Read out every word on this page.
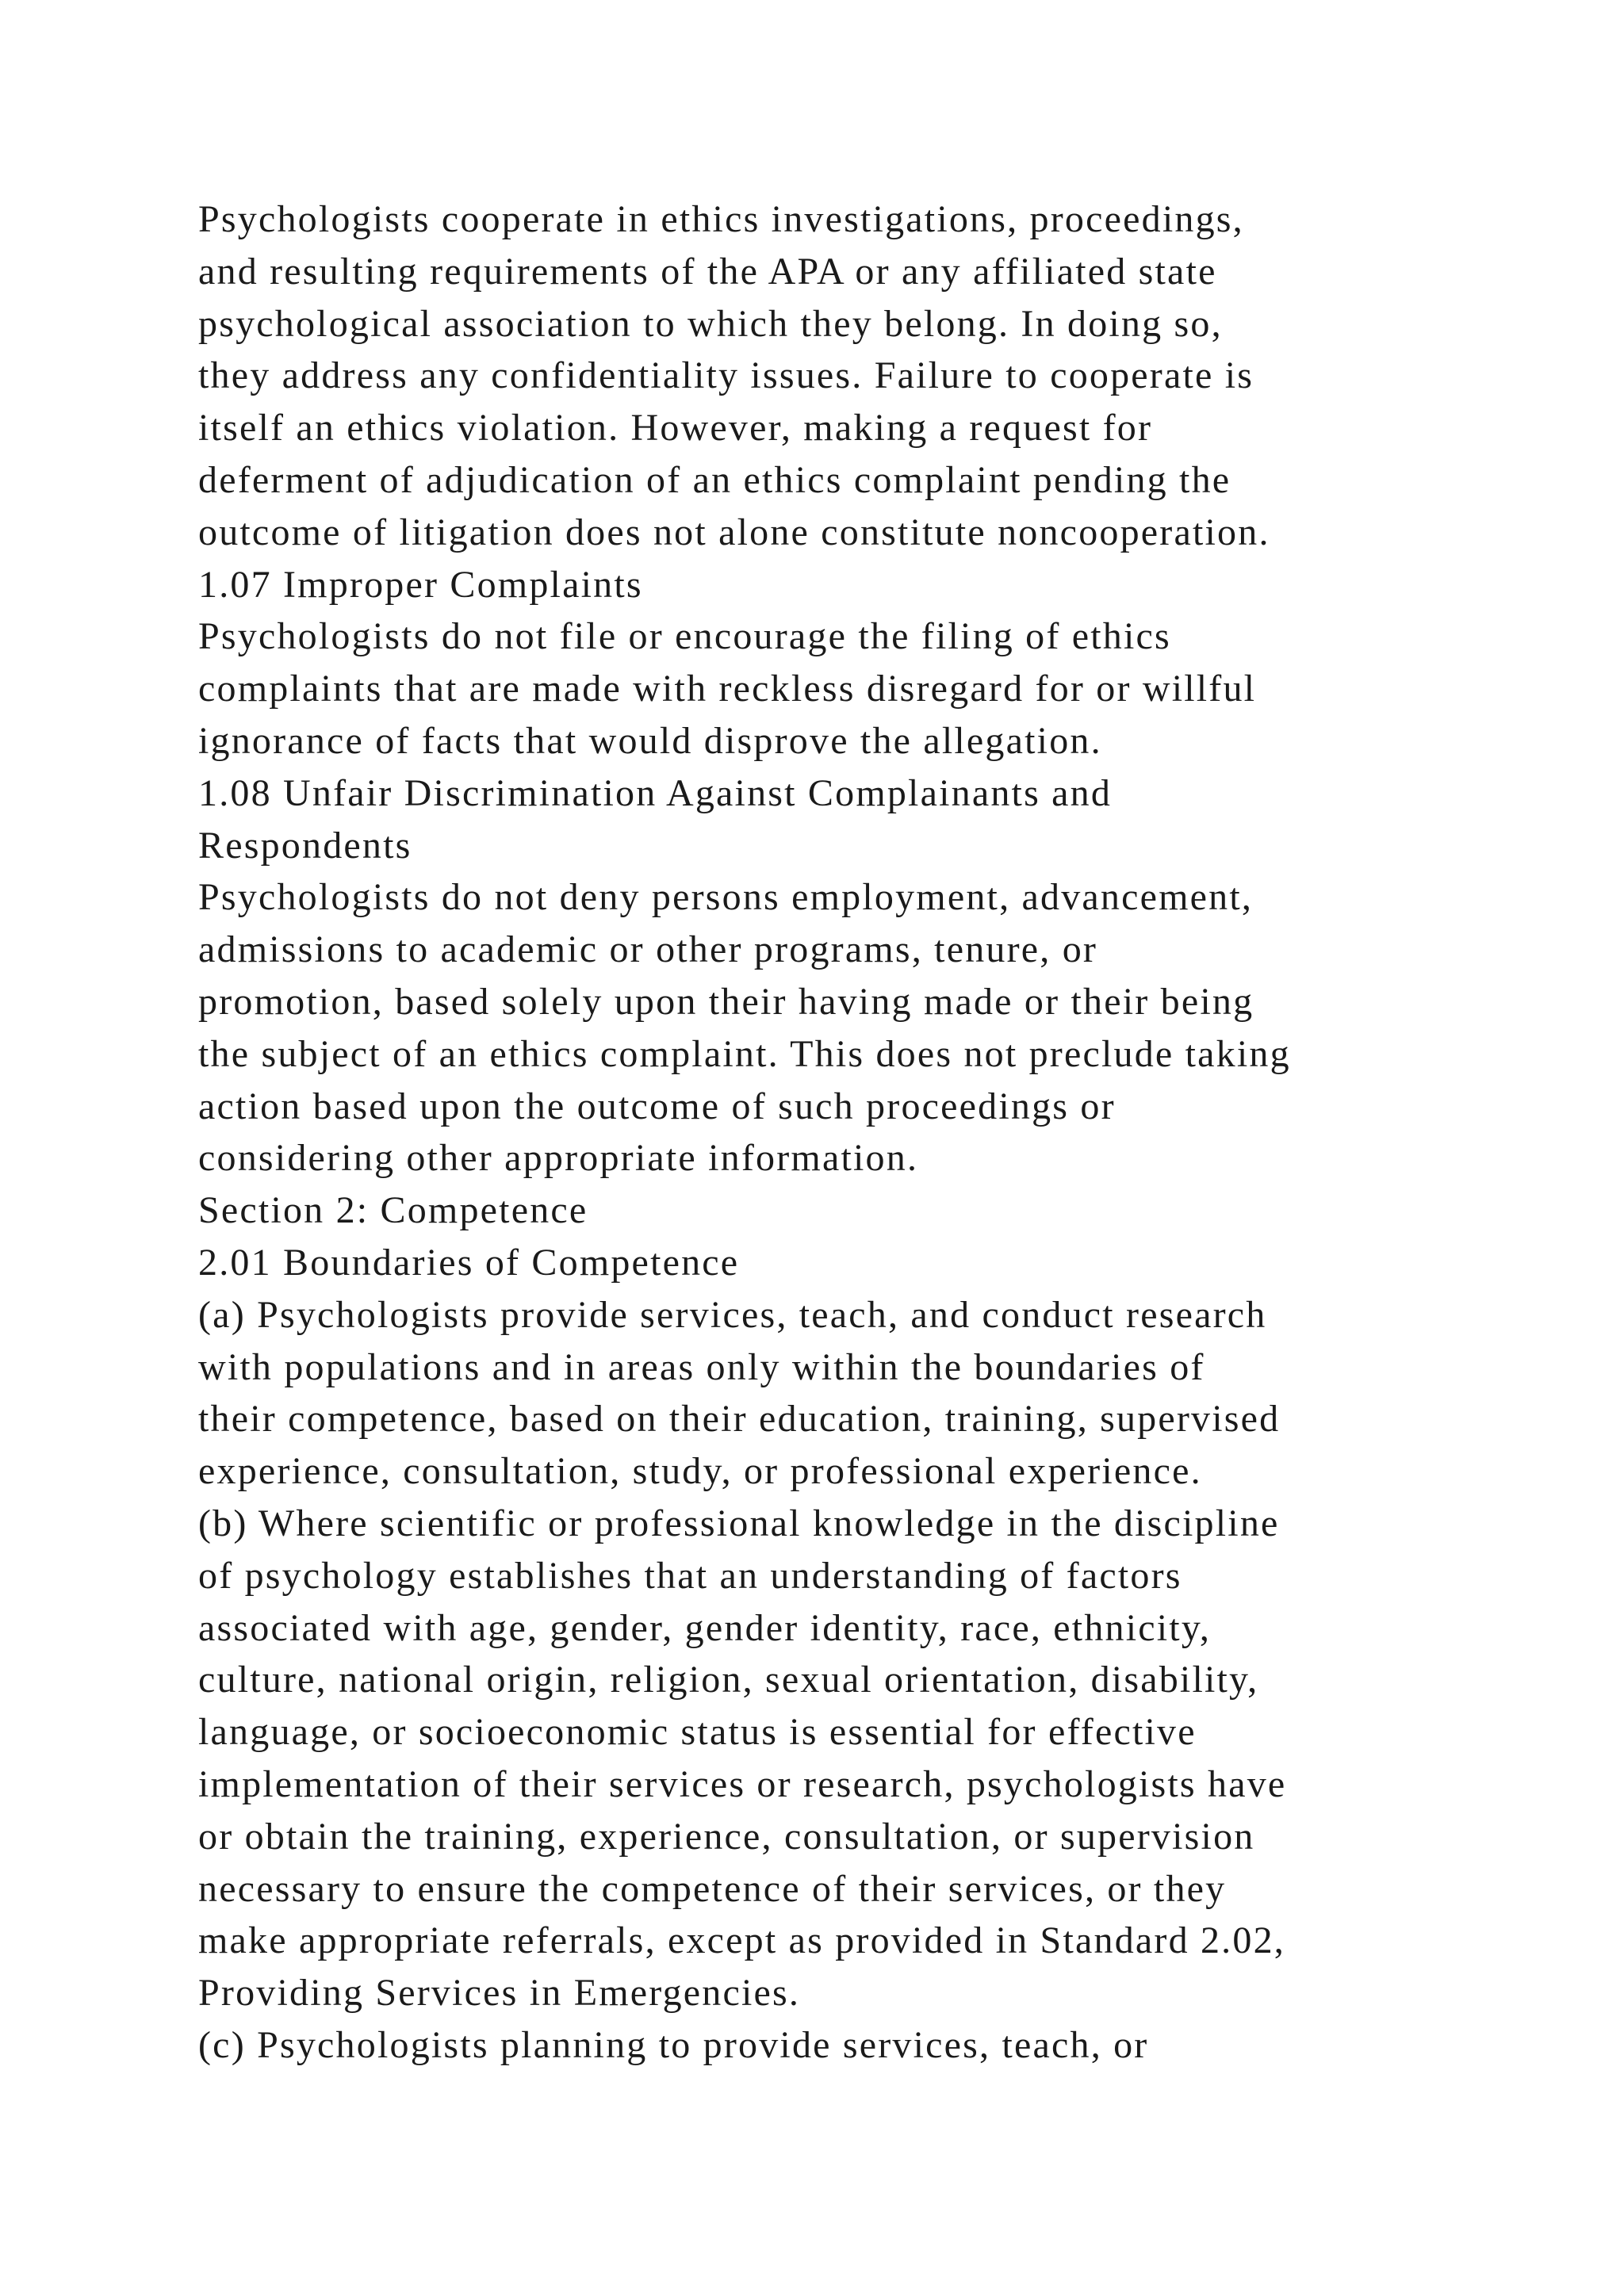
Psychologists cooperate in ethics investigations, proceedings,
and resulting requirements of the APA or any affiliated state
psychological association to which they belong. In doing so,
they address any confidentiality issues. Failure to cooperate is
itself an ethics violation. However, making a request for
deferment of adjudication of an ethics complaint pending the
outcome of litigation does not alone constitute noncooperation.
1.07 Improper Complaints
Psychologists do not file or encourage the filing of ethics
complaints that are made with reckless disregard for or willful
ignorance of facts that would disprove the allegation.
1.08 Unfair Discrimination Against Complainants and
Respondents
Psychologists do not deny persons employment, advancement,
admissions to academic or other programs, tenure, or
promotion, based solely upon their having made or their being
the subject of an ethics complaint. This does not preclude taking
action based upon the outcome of such proceedings or
considering other appropriate information.
Section 2: Competence
2.01 Boundaries of Competence
(a) Psychologists provide services, teach, and conduct research
with populations and in areas only within the boundaries of
their competence, based on their education, training, supervised
experience, consultation, study, or professional experience.
(b) Where scientific or professional knowledge in the discipline
of psychology establishes that an understanding of factors
associated with age, gender, gender identity, race, ethnicity,
culture, national origin, religion, sexual orientation, disability,
language, or socioeconomic status is essential for effective
implementation of their services or research, psychologists have
or obtain the training, experience, consultation, or supervision
necessary to ensure the competence of their services, or they
make appropriate referrals, except as provided in Standard 2.02,
Providing Services in Emergencies.
(c) Psychologists planning to provide services, teach, or
